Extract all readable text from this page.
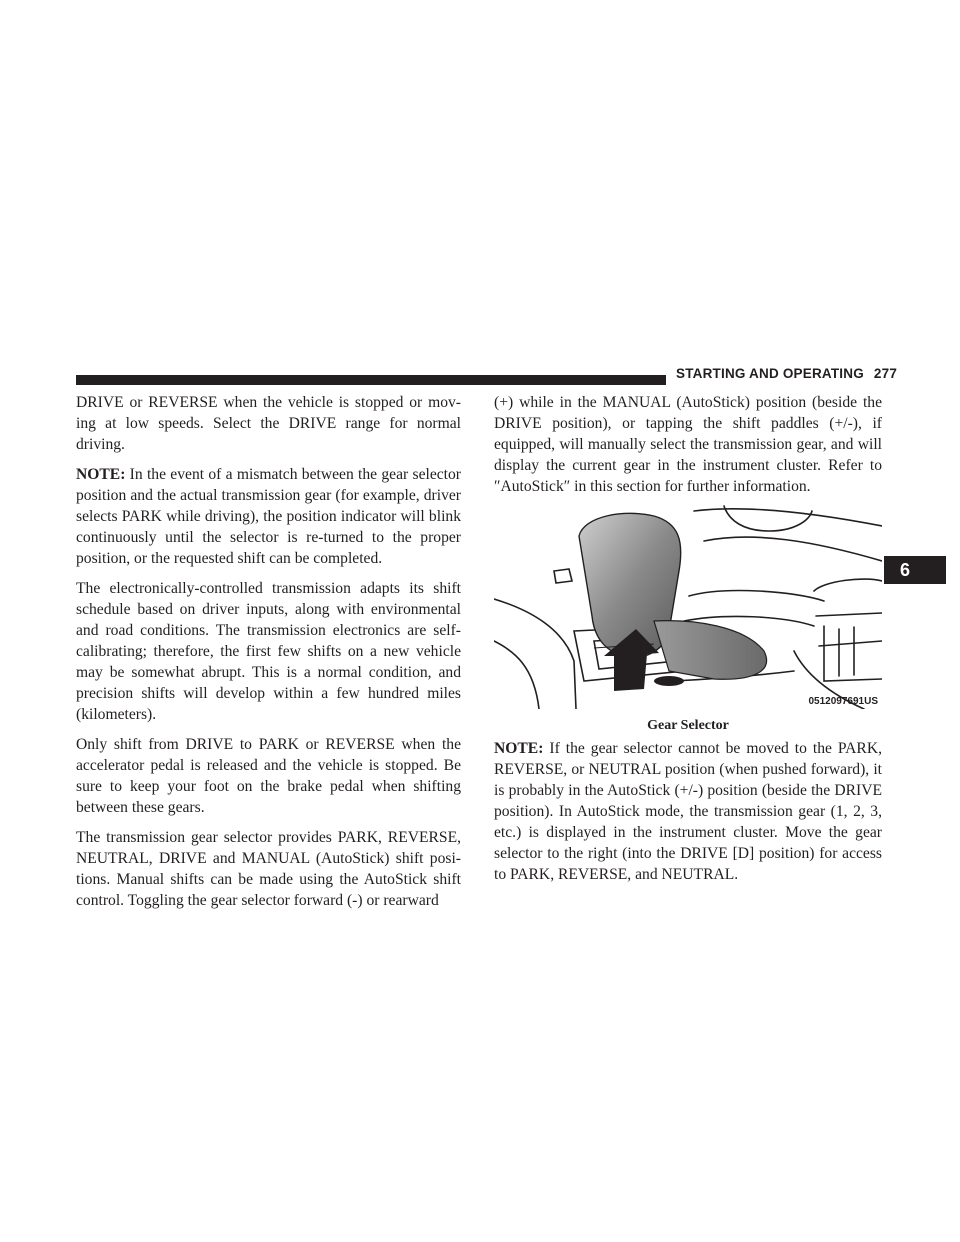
STARTING AND OPERATING 277

DRIVE or REVERSE when the vehicle is stopped or mov-ing at low speeds. Select the DRIVE range for normal driving.

NOTE: In the event of a mismatch between the gear selector position and the actual transmission gear (for example, driver selects PARK while driving), the position indicator will blink continuously until the selector is re-turned to the proper position, or the requested shift can be completed.

The electronically-controlled transmission adapts its shift schedule based on driver inputs, along with environmental and road conditions. The transmission electronics are self-calibrating; therefore, the first few shifts on a new vehicle may be somewhat abrupt. This is a normal condition, and precision shifts will develop within a few hundred miles (kilometers).

Only shift from DRIVE to PARK or REVERSE when the accelerator pedal is released and the vehicle is stopped. Be sure to keep your foot on the brake pedal when shifting between these gears.

The transmission gear selector provides PARK, REVERSE, NEUTRAL, DRIVE and MANUAL (AutoStick) shift posi-tions. Manual shifts can be made using the AutoStick shift control. Toggling the gear selector forward (-) or rearward

(+) while in the MANUAL (AutoStick) position (beside the DRIVE position), or tapping the shift paddles (+/-), if equipped, will manually select the transmission gear, and will display the current gear in the instrument cluster. Refer to ″AutoStick″ in this section for further information.

0512097691US
Gear Selector

NOTE: If the gear selector cannot be moved to the PARK, REVERSE, or NEUTRAL position (when pushed forward), it is probably in the AutoStick (+/-) position (beside the DRIVE position). In AutoStick mode, the transmission gear (1, 2, 3, etc.) is displayed in the instrument cluster. Move the gear selector to the right (into the DRIVE [D] position) for access to PARK, REVERSE, and NEUTRAL.

6
